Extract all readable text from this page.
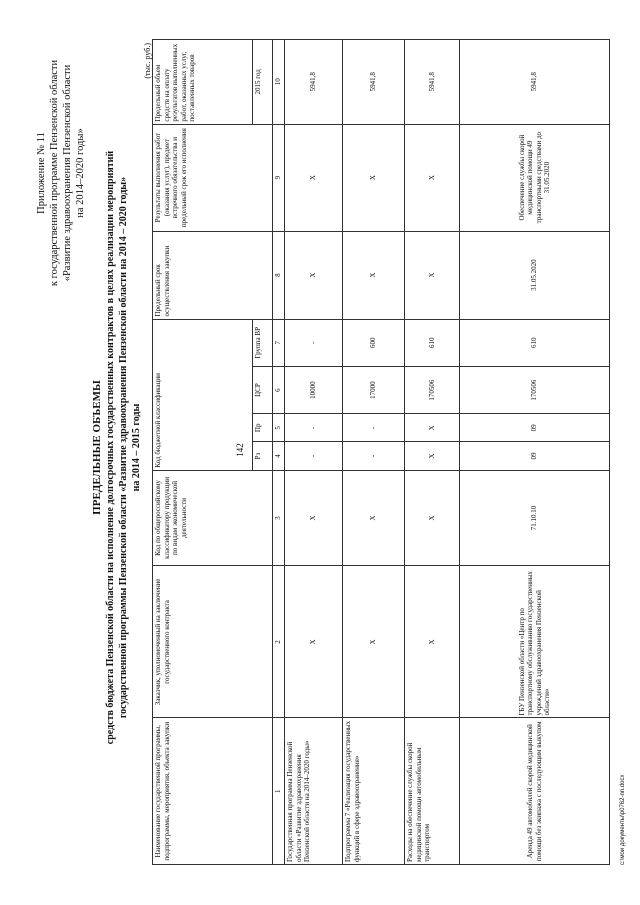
142
Приложение № 11 к государственной программе Пензенской области «Развитие здравоохранения Пензенской области на 2014–2020 годы»
ПРЕДЕЛЬНЫЕ ОБЪЕМЫ средств бюджета Пензенской области на исполнение долгосрочных государственных контрактов в целях реализации мероприятий государственной программы Пензенской области «Развитие здравоохранения Пензенской области на 2014 – 2020 годы» на 2014 – 2015 годы
(тыс. руб.)
Наименование государственной программы, подпрограммы, мероприятия, объекта закупки	Заказчик, уполномоченный на заключение государственного контракта	Код по общероссийскому классификатору продукции по видам экономической деятельности	Код бюджетной классификации				Предельный срок осуществления закупки	Результаты выполнения работ (оказания услуг), предмет встречного обязательства и предельный срок его исполнения	Предельный объем средств на оплату результатов выполненных работ, оказанных услуг, поставленных товаров

			Рз	Пр	ЦСР	Группа ВР			2015 год
1	2	3	4	5	6	7	8	9	10
Государственная программа Пензенской области «Развитие здравоохранения Пензенской области на 2014–2020 годы»	Х	Х	-	-	10000	-	Х	Х	5941,8
Подпрограмма 7 «Реализация государственных функций в сфере здравоохранения»	Х	Х	-	-	17000	600	Х	Х	5941,8
Расходы на обеспечение службы скорой медицинской помощи автомобильным транспортом	Х	Х	Х	Х	170506	610	Х	Х	5941,8
Аренда 49 автомобилей скорой медицинской помощи без экипажа с последующим выкупом	ГБУ Пензенской области «Центр по транспортному обслуживанию государственных учреждений здравоохранения Пензенской области»	71.10.10	09	09	170506	610	31.05.2020	Обеспечение службы скорой медицинской помощи 49 транспортными средствами до 31.05.2020	5941,8
с:\мои документы\p0762-nn.docx
